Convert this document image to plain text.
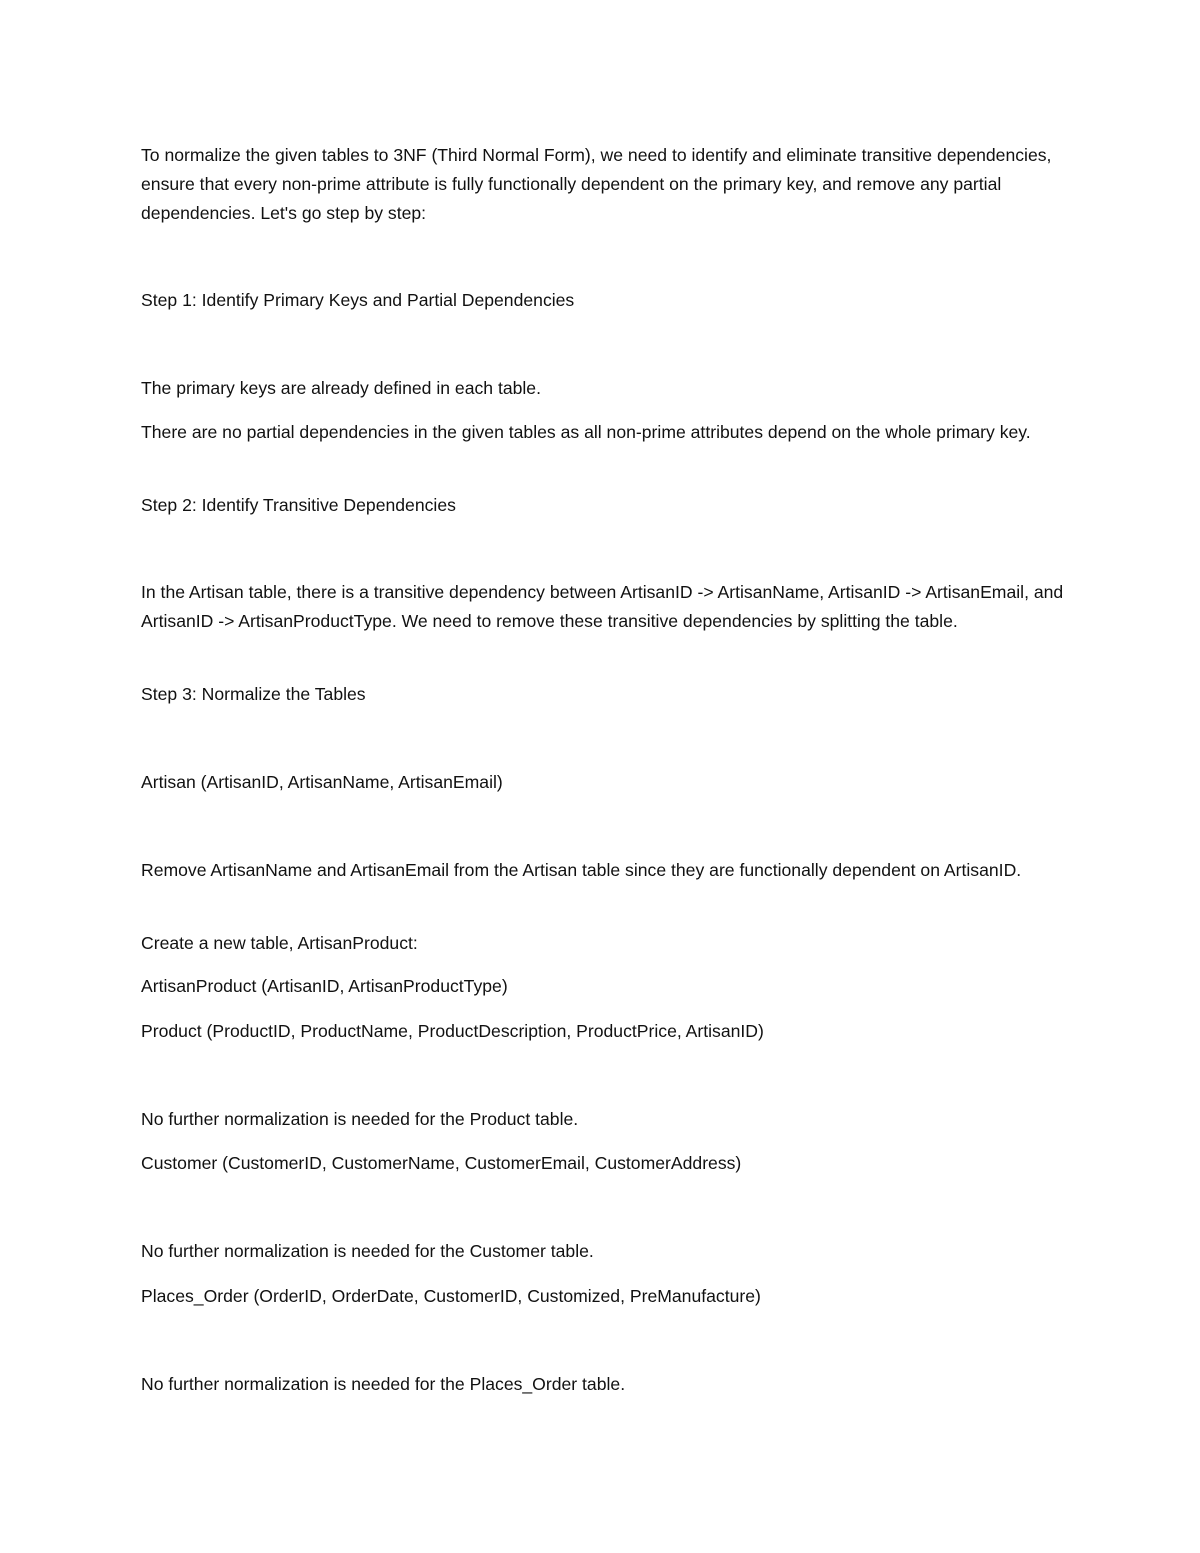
To normalize the given tables to 3NF (Third Normal Form), we need to identify and eliminate transitive dependencies, ensure that every non-prime attribute is fully functionally dependent on the primary key, and remove any partial dependencies. Let's go step by step:

Step 1: Identify Primary Keys and Partial Dependencies

The primary keys are already defined in each table.

There are no partial dependencies in the given tables as all non-prime attributes depend on the whole primary key.

Step 2: Identify Transitive Dependencies

In the Artisan table, there is a transitive dependency between ArtisanID -> ArtisanName, ArtisanID -> ArtisanEmail, and ArtisanID -> ArtisanProductType. We need to remove these transitive dependencies by splitting the table.

Step 3: Normalize the Tables

Artisan (ArtisanID, ArtisanName, ArtisanEmail)

Remove ArtisanName and ArtisanEmail from the Artisan table since they are functionally dependent on ArtisanID.

Create a new table, ArtisanProduct:

ArtisanProduct (ArtisanID, ArtisanProductType)

Product (ProductID, ProductName, ProductDescription, ProductPrice, ArtisanID)

No further normalization is needed for the Product table.

Customer (CustomerID, CustomerName, CustomerEmail, CustomerAddress)

No further normalization is needed for the Customer table.

Places_Order (OrderID, OrderDate, CustomerID, Customized, PreManufacture)

No further normalization is needed for the Places_Order table.
